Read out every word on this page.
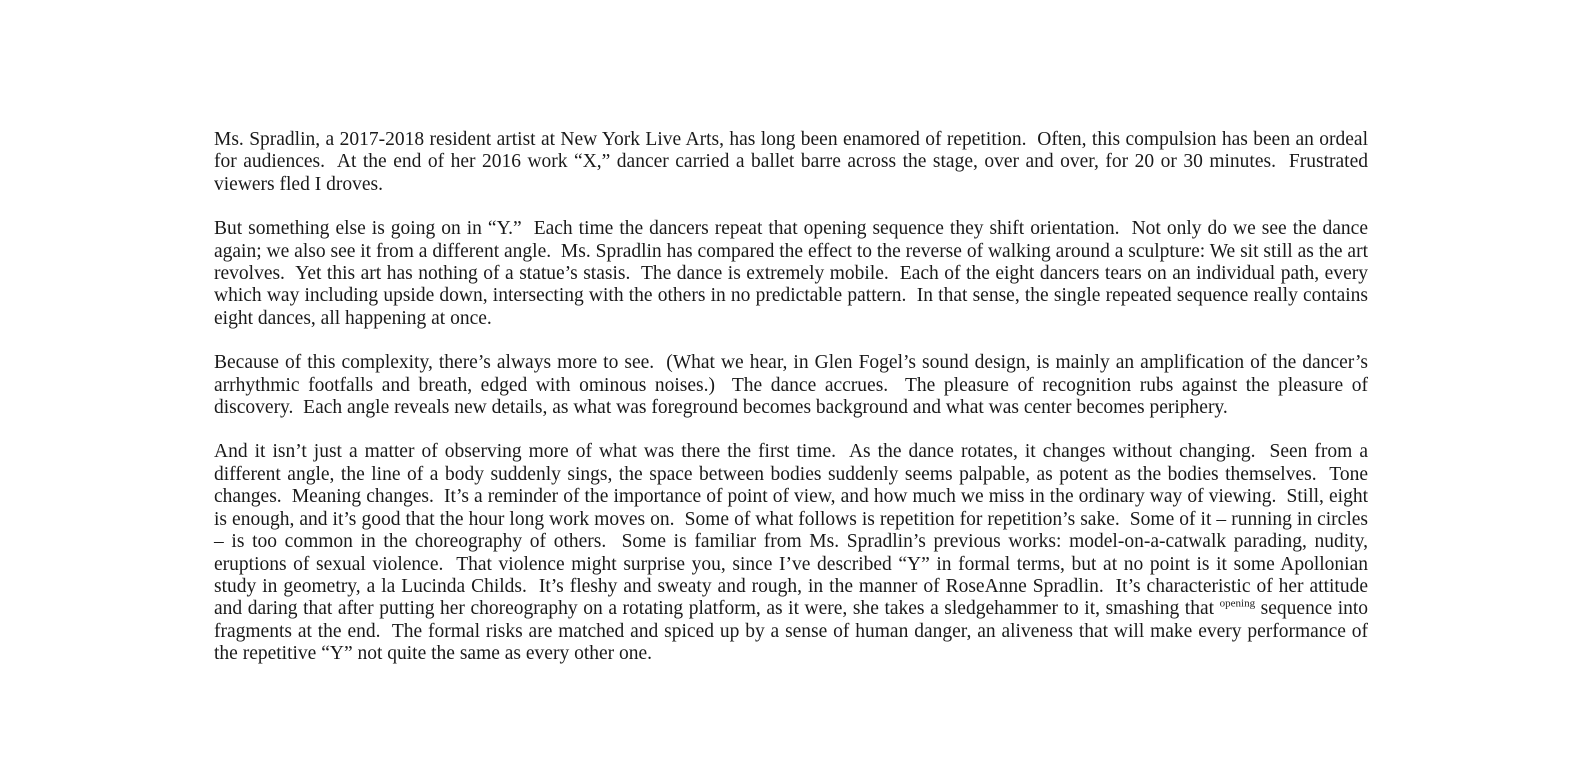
Ms. Spradlin, a 2017-2018 resident artist at New York Live Arts, has long been enamored of repetition.  Often, this compulsion has been an ordeal for audiences.  At the end of her 2016 work “X,” dancer carried a ballet barre across the stage, over and over, for 20 or 30 minutes.  Frustrated viewers fled I droves.

But something else is going on in “Y.”  Each time the dancers repeat that opening sequence they shift orientation.  Not only do we see the dance again; we also see it from a different angle.  Ms. Spradlin has compared the effect to the reverse of walking around a sculpture: We sit still as the art revolves.  Yet this art has nothing of a statue’s stasis.  The dance is extremely mobile.  Each of the eight dancers tears on an individual path, every which way including upside down, intersecting with the others in no predictable pattern.  In that sense, the single repeated sequence really contains eight dances, all happening at once.

Because of this complexity, there’s always more to see.  (What we hear, in Glen Fogel’s sound design, is mainly an amplification of the dancer’s arrhythmic footfalls and breath, edged with ominous noises.)  The dance accrues.  The pleasure of recognition rubs against the pleasure of discovery.  Each angle reveals new details, as what was foreground becomes background and what was center becomes periphery.

And it isn’t just a matter of observing more of what was there the first time.  As the dance rotates, it changes without changing.  Seen from a different angle, the line of a body suddenly sings, the space between bodies suddenly seems palpable, as potent as the bodies themselves.  Tone changes.  Meaning changes.  It’s a reminder of the importance of point of view, and how much we miss in the ordinary way of viewing.  Still, eight is enough, and it’s good that the hour long work moves on.  Some of what follows is repetition for repetition’s sake.  Some of it – running in circles – is too common in the choreography of others.  Some is familiar from Ms. Spradlin’s previous works: model-on-a-catwalk parading, nudity, eruptions of sexual violence.  That violence might surprise you, since I’ve described “Y” in formal terms, but at no point is it some Apollonian study in geometry, a la Lucinda Childs.  It’s fleshy and sweaty and rough, in the manner of RoseAnne Spradlin.  It’s characteristic of her attitude and daring that after putting her choreography on a rotating platform, as it were, she takes a sledgehammer to it, smashing that $^{opening}$ sequence into fragments at the end.  The formal risks are matched and spiced up by a sense of human danger, an aliveness that will make every performance of the repetitive “Y” not quite the same as every other one.
